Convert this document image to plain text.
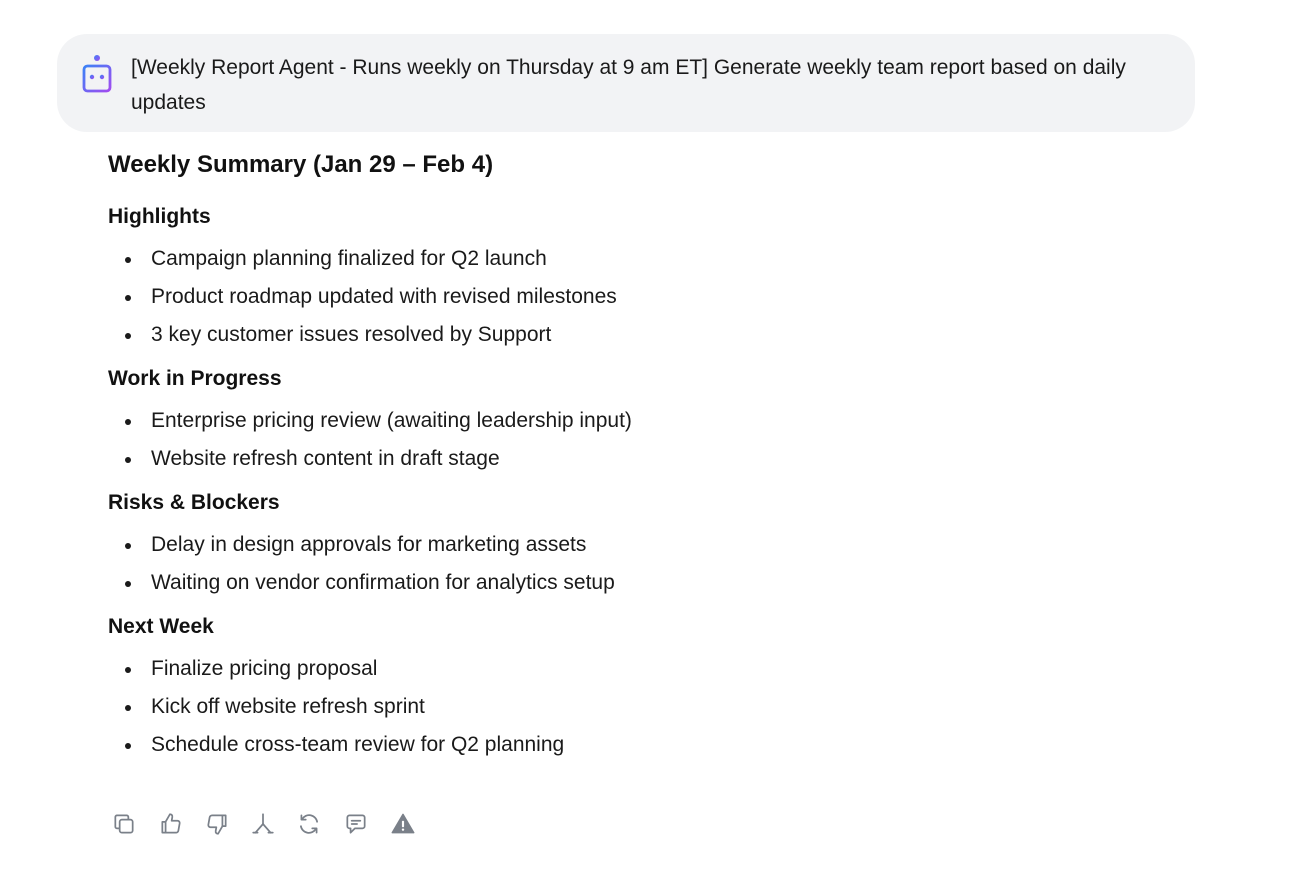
[Weekly Report Agent - Runs weekly on Thursday at 9 am ET] Generate weekly team report based on daily updates
Weekly Summary (Jan 29 – Feb 4)
Highlights
Campaign planning finalized for Q2 launch
Product roadmap updated with revised milestones
3 key customer issues resolved by Support
Work in Progress
Enterprise pricing review (awaiting leadership input)
Website refresh content in draft stage
Risks & Blockers
Delay in design approvals for marketing assets
Waiting on vendor confirmation for analytics setup
Next Week
Finalize pricing proposal
Kick off website refresh sprint
Schedule cross-team review for Q2 planning
